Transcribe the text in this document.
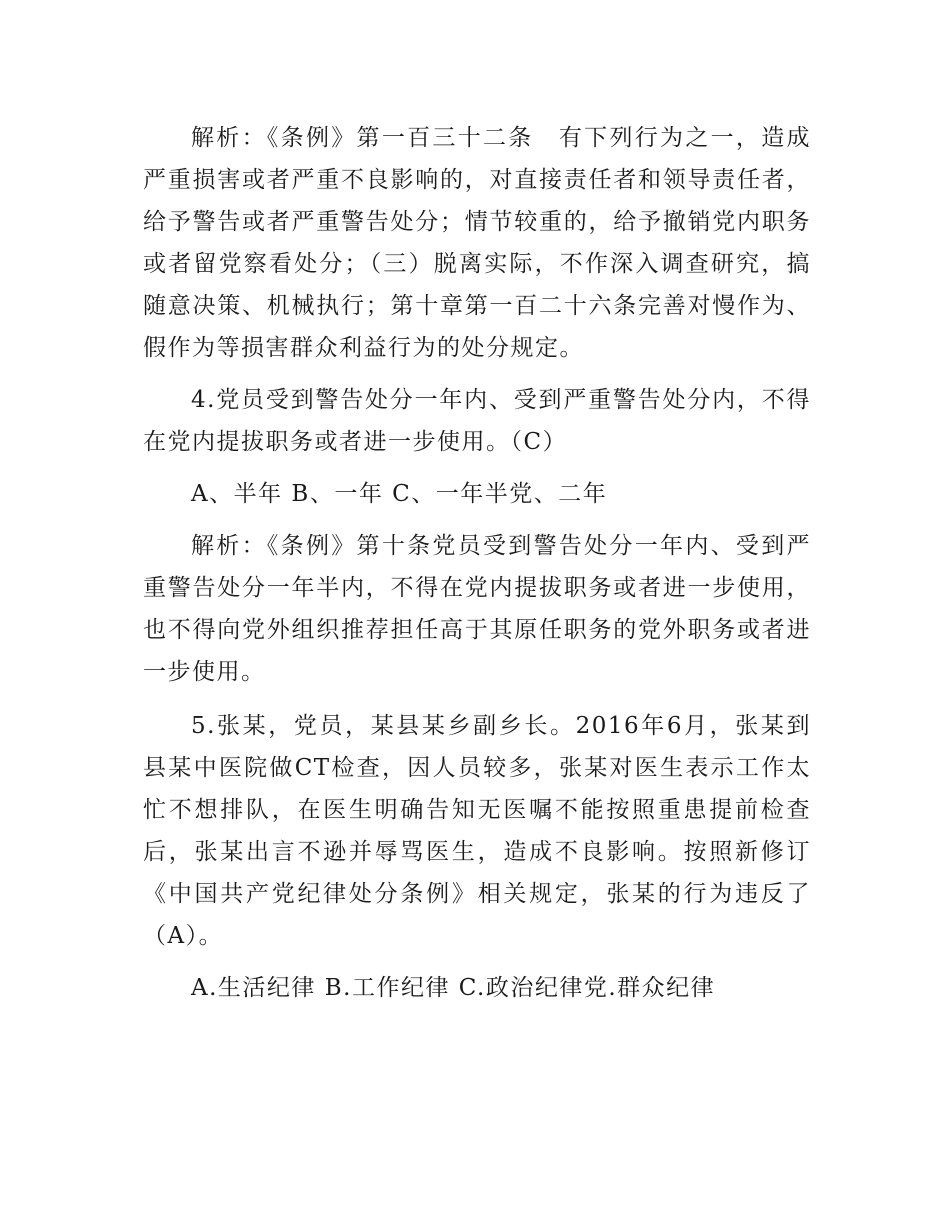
解析：《条例》第一百三十二条　有下列行为之一，造成严重损害或者严重不良影响的，对直接责任者和领导责任者，给予警告或者严重警告处分；情节较重的，给予撤销党内职务或者留党察看处分；（三）脱离实际，不作深入调查研究，搞随意决策、机械执行；第十章第一百二十六条完善对慢作为、假作为等损害群众利益行为的处分规定。

4.党员受到警告处分一年内、受到严重警告处分内，不得在党内提拔职务或者进一步使用。（C）

A、半年 B、一年 C、一年半党、二年

解析：《条例》第十条党员受到警告处分一年内、受到严重警告处分一年半内，不得在党内提拔职务或者进一步使用，也不得向党外组织推荐担任高于其原任职务的党外职务或者进一步使用。

5.张某，党员，某县某乡副乡长。2016年6月，张某到县某中医院做CT检查，因人员较多，张某对医生表示工作太忙不想排队，在医生明确告知无医嘱不能按照重患提前检查后，张某出言不逊并辱骂医生，造成不良影响。按照新修订《中国共产党纪律处分条例》相关规定，张某的行为违反了（A）。

A.生活纪律 B.工作纪律 C.政治纪律党.群众纪律
